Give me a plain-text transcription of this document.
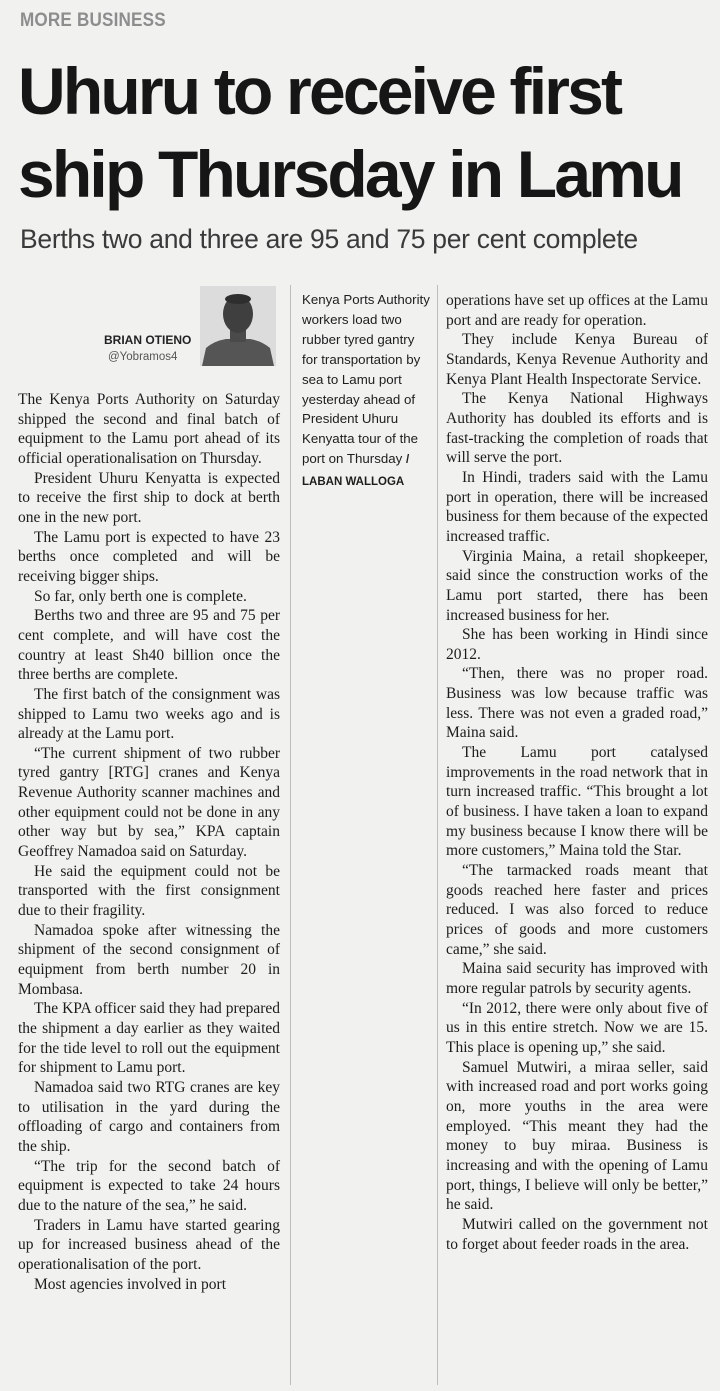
MORE BUSINESS
Uhuru to receive first ship Thursday in Lamu
Berths two and three are 95 and 75 per cent complete
BRIAN OTIENO
@Yobramos4
Kenya Ports Authority workers load two rubber tyred gantry for transportation by sea to Lamu port yesterday ahead of President Uhuru Kenyatta tour of the port on Thursday / LABAN WALLOGA

The Kenya Ports Authority on Saturday shipped the second and final batch of equipment to the Lamu port ahead of its official operationalisation on Thursday.

President Uhuru Kenyatta is expected to receive the first ship to dock at berth one in the new port.

The Lamu port is expected to have 23 berths once completed and will be receiving bigger ships.

So far, only berth one is complete.

Berths two and three are 95 and 75 per cent complete, and will have cost the country at least Sh40 billion once the three berths are complete.

The first batch of the consignment was shipped to Lamu two weeks ago and is already at the Lamu port.

“The current shipment of two rubber tyred gantry [RTG] cranes and Kenya Revenue Authority scanner machines and other equipment could not be done in any other way but by sea,” KPA captain Geoffrey Namadoa said on Saturday.

He said the equipment could not be transported with the first consignment due to their fragility.

Namadoa spoke after witnessing the shipment of the second consignment of equipment from berth number 20 in Mombasa.

The KPA officer said they had prepared the shipment a day earlier as they waited for the tide level to roll out the equipment for shipment to Lamu port.

Namadoa said two RTG cranes are key to utilisation in the yard during the offloading of cargo and containers from the ship.

“The trip for the second batch of equipment is expected to take 24 hours due to the nature of the sea,” he said.

Traders in Lamu have started gearing up for increased business ahead of the operationalisation of the port.

Most agencies involved in port

operations have set up offices at the Lamu port and are ready for operation.

They include Kenya Bureau of Standards, Kenya Revenue Authority and Kenya Plant Health Inspectorate Service.

The Kenya National Highways Authority has doubled its efforts and is fast-tracking the completion of roads that will serve the port.

In Hindi, traders said with the Lamu port in operation, there will be increased business for them because of the expected increased traffic.

Virginia Maina, a retail shopkeeper, said since the construction works of the Lamu port started, there has been increased business for her.

She has been working in Hindi since 2012.

“Then, there was no proper road. Business was low because traffic was less. There was not even a graded road,” Maina said.

The Lamu port catalysed improvements in the road network that in turn increased traffic. “This brought a lot of business. I have taken a loan to expand my business because I know there will be more customers,” Maina told the Star.

“The tarmacked roads meant that goods reached here faster and prices reduced. I was also forced to reduce prices of goods and more customers came,” she said.

Maina said security has improved with more regular patrols by security agents.

“In 2012, there were only about five of us in this entire stretch. Now we are 15. This place is opening up,” she said.

Samuel Mutwiri, a miraa seller, said with increased road and port works going on, more youths in the area were employed. “This meant they had the money to buy miraa. Business is increasing and with the opening of Lamu port, things, I believe will only be better,” he said.

Mutwiri called on the government not to forget about feeder roads in the area.
